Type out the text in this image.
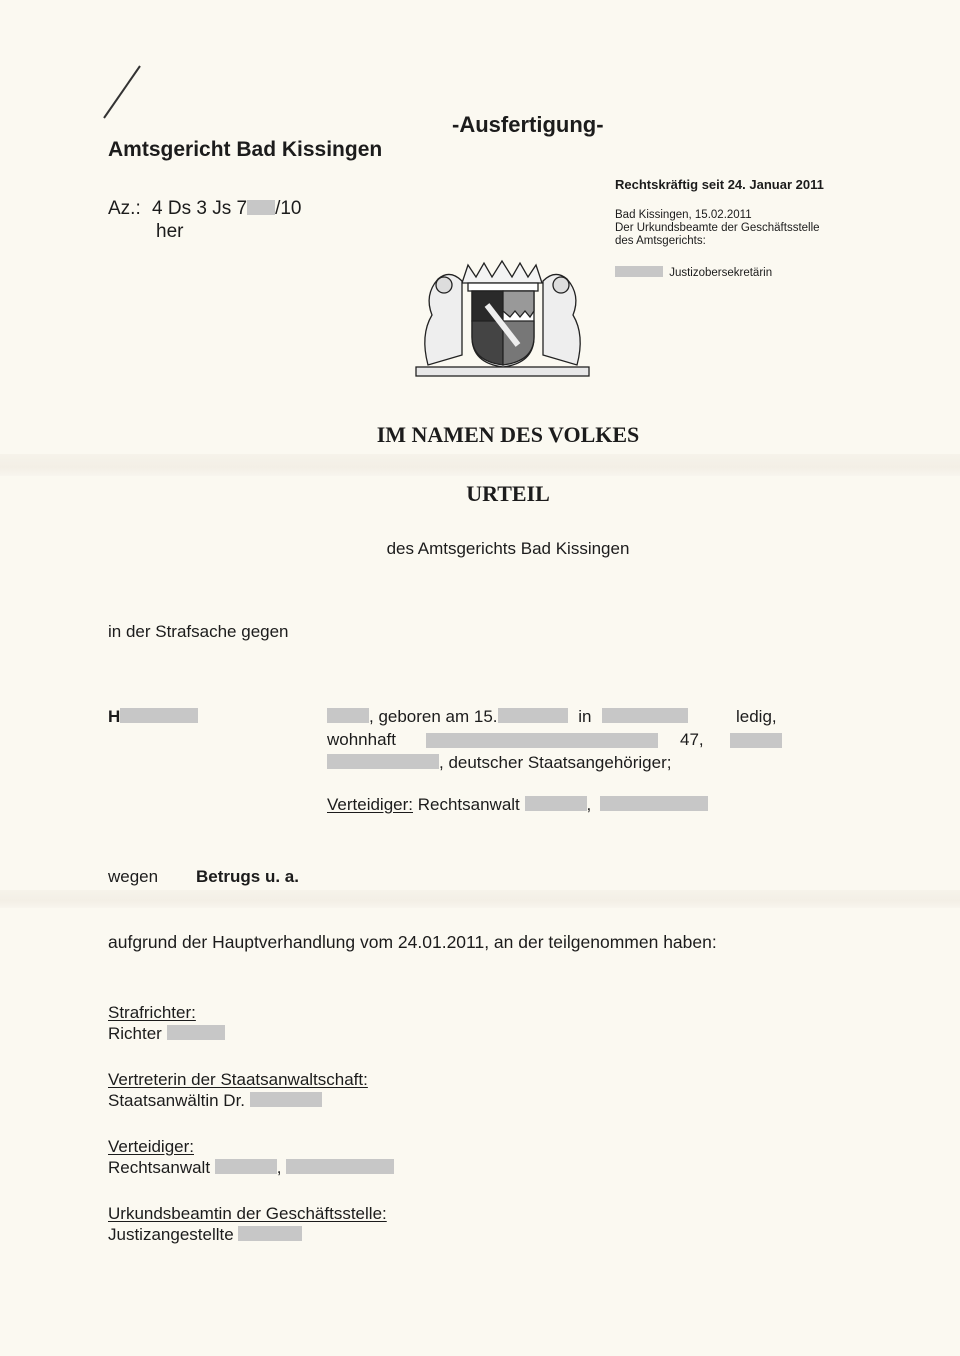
Amtsgericht Bad Kissingen
-Ausfertigung-
Az.: 4 Ds 3 Js 7 /10
her
Rechtskräftig seit 24. Januar 2011
Bad Kissingen, 15.02.2011
Der Urkundsbeamte der Geschäftsstelle
des Amtsgerichts:
Justizobersekretärin
IM NAMEN DES VOLKES
URTEIL
des Amtsgerichts Bad Kissingen
in der Strafsache gegen
H	, geboren am 15.	in	ledig,
wohnhaft	47,
, deutscher Staatsangehöriger;
Verteidiger: Rechtsanwalt	,
wegen Betrugs u. a.
aufgrund der Hauptverhandlung vom 24.01.2011, an der teilgenommen haben:
Strafrichter:
Richter
Vertreterin der Staatsanwaltschaft:
Staatsanwältin Dr.
Verteidiger:
Rechtsanwalt	,
Urkundsbeamtin der Geschäftsstelle:
Justizangestellte
